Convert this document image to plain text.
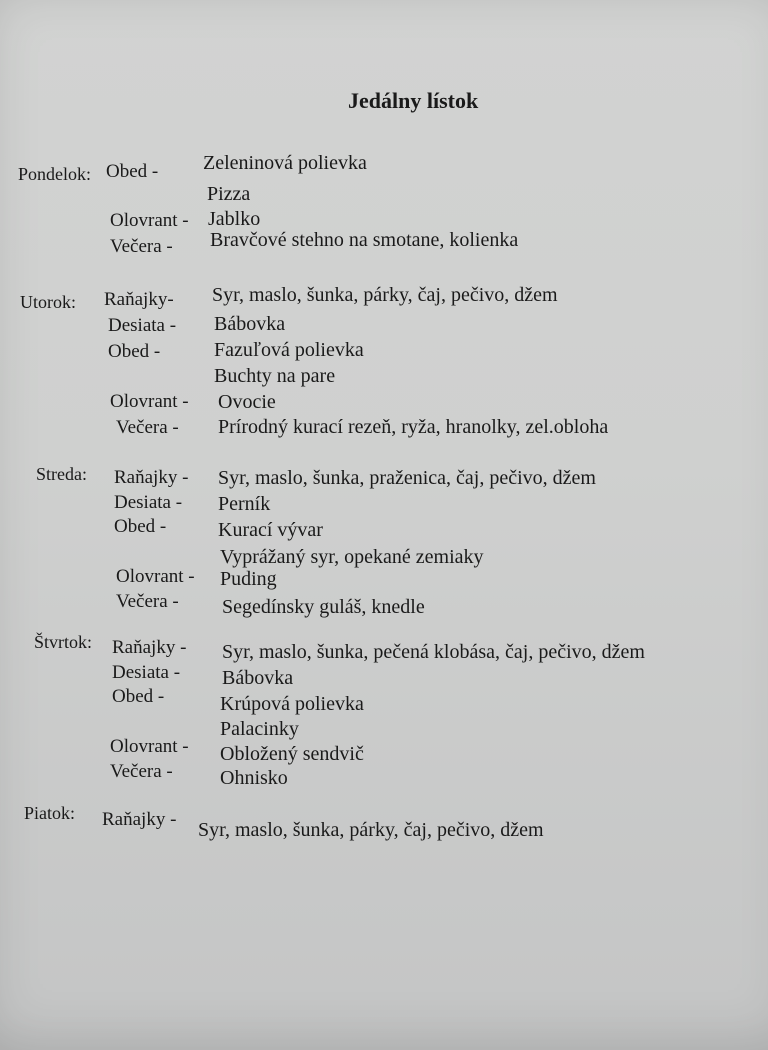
Jedálny lístok
Pondelok: Obed - Zeleninová polievka
Pizza
Olovrant - Jablko
Večera - Bravčové stehno na smotane, kolienka
Utorok: Raňajky- Syr, maslo, šunka, párky, čaj, pečivo, džem
Desiata - Bábovka
Obed -	Fazuľová polievka
Buchty na pare
Olovrant - Ovocie
Večera - Prírodný kurací rezeň, ryža, hranolky, zel.obloha
Streda: Raňajky - Syr, maslo, šunka, praženica, čaj, pečivo, džem
Desiata - Perník
Obed -	Kurací vývar
Vyprážaný syr, opekané zemiaky
Olovrant - Puding
Večera - Segedínsky guláš, knedle
Štvrtok: Raňajky - Syr, maslo, šunka, pečená klobása, čaj, pečivo, džem
Desiata - Bábovka
Obed -	Krúpová polievka
Palacinky
Olovrant - Obložený sendvič
Večera - Ohnisko
Piatok: Raňajky - Syr, maslo, šunka, párky, čaj, pečivo, džem
